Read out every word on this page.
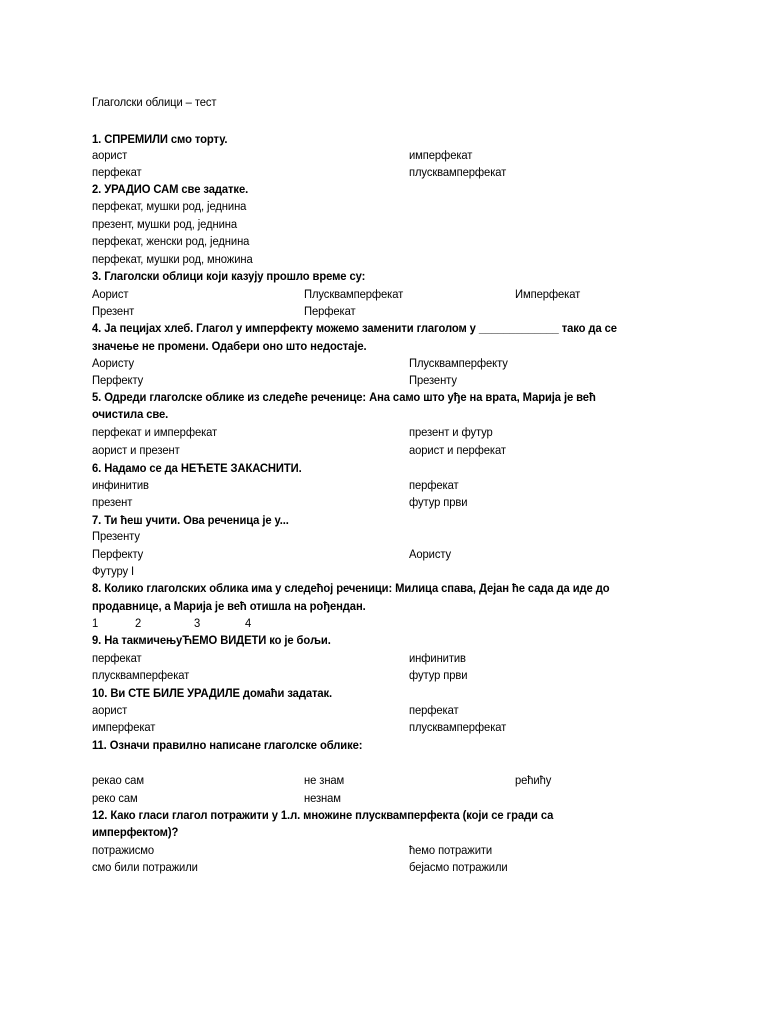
Глаголски облици – тест
1. СПРЕМИЛИ смо торту.
аорист	имперфекат
перфекат	плусквамперфекат
2. УРАДИО САМ све задатке.
перфекат, мушки род, једнина
презент, мушки род, једнина
перфекат, женски род, једнина
перфекат, мушки род, множина
3. Глаголски облици који казују прошло време су:
Аорист	Плусквамперфекат	Имперфекат
Презент	Перфекат
4. Ја пецијах хлеб. Глагол у имперфекту можемо заменити глаголом у _____________ тако да се
значење не промени. Одабери оно што недостаје.
Аористу	Плусквамперфекту
Перфекту	Презенту
5. Одреди глаголске облике из следеће реченице: Ана само што уђе на врата, Марија је већ
очистила све.
перфекат и имперфекат	презент и футур
аорист и презент	аорист и перфекат
6. Надамо се да НЕЋЕТЕ ЗАКАСНИТИ.
инфинитив	перфекат
презент	футур први
7. Ти ћеш учити. Ова реченица је у...
Презенту
Перфекту	Аористу
Футуру I
8. Колико глаголских облика има у следећој реченици: Милица спава, Дејан ће сада да иде до
продавнице, а Марија је већ отишла на рођендан.
1	2	3	4
9. На такмичењуЋЕМО ВИДЕТИ ко је бољи.
перфекат	инфинитив
плусквамперфекат	футур први
10. Ви СТЕ БИЛЕ УРАДИЛЕ домаћи задатак.
аорист	перфекат
имперфекат	плусквамперфекат
11. Означи правилно написане глаголске облике:
рекао сам	не знам	рећићу
реко сам	незнам
12. Како гласи глагол потражити у 1.л. множине плусквамперфекта (који се гради са
имперфектом)?
потражисмо	ћемо потражити
смо били потражили	бејасмо потражили
